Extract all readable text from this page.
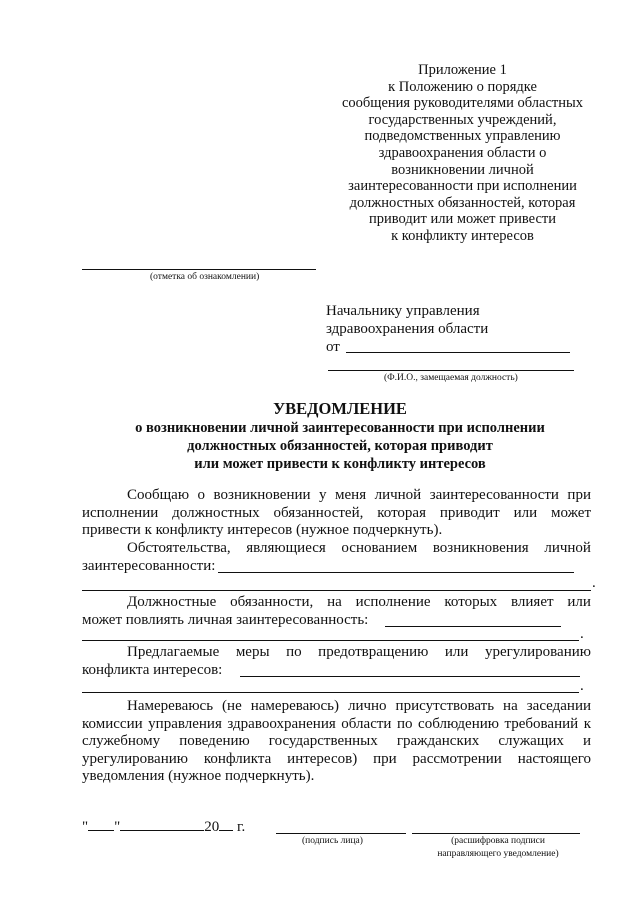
Приложение 1
к Положению о порядке
сообщения руководителями областных
государственных учреждений,
подведомственных управлению
здравоохранения области о
возникновении личной
заинтересованности при исполнении
должностных обязанностей, которая
приводит или может привести
к конфликту интересов
(отметка об ознакомлении)
Начальнику управления
здравоохранения области
от
(Ф.И.О., замещаемая должность)
УВЕДОМЛЕНИЕ
о возникновении личной заинтересованности при исполнении
должностных обязанностей, которая приводит
или может привести к конфликту интересов

Сообщаю о возникновении у меня личной заинтересованности при исполнении должностных обязанностей, которая приводит или может привести к конфликту интересов (нужное подчеркнуть).

Обстоятельства, являющиеся основанием возникновения личной
заинтересованности:
.
Должностные обязанности, на исполнение которых влияет или
может повлиять личная заинтересованность:
.
Предлагаемые меры по предотвращению или урегулированию
конфликта интересов:
.

Намереваюсь (не намереваюсь) лично присутствовать на заседании комиссии управления здравоохранения области по соблюдению требований к служебному поведению государственных гражданских служащих и урегулированию конфликта интересов) при рассмотрении настоящего уведомления (нужное подчеркнуть).

" "	20 г.
(подпись лица)	(расшифровка подписи
направляющего уведомление)
